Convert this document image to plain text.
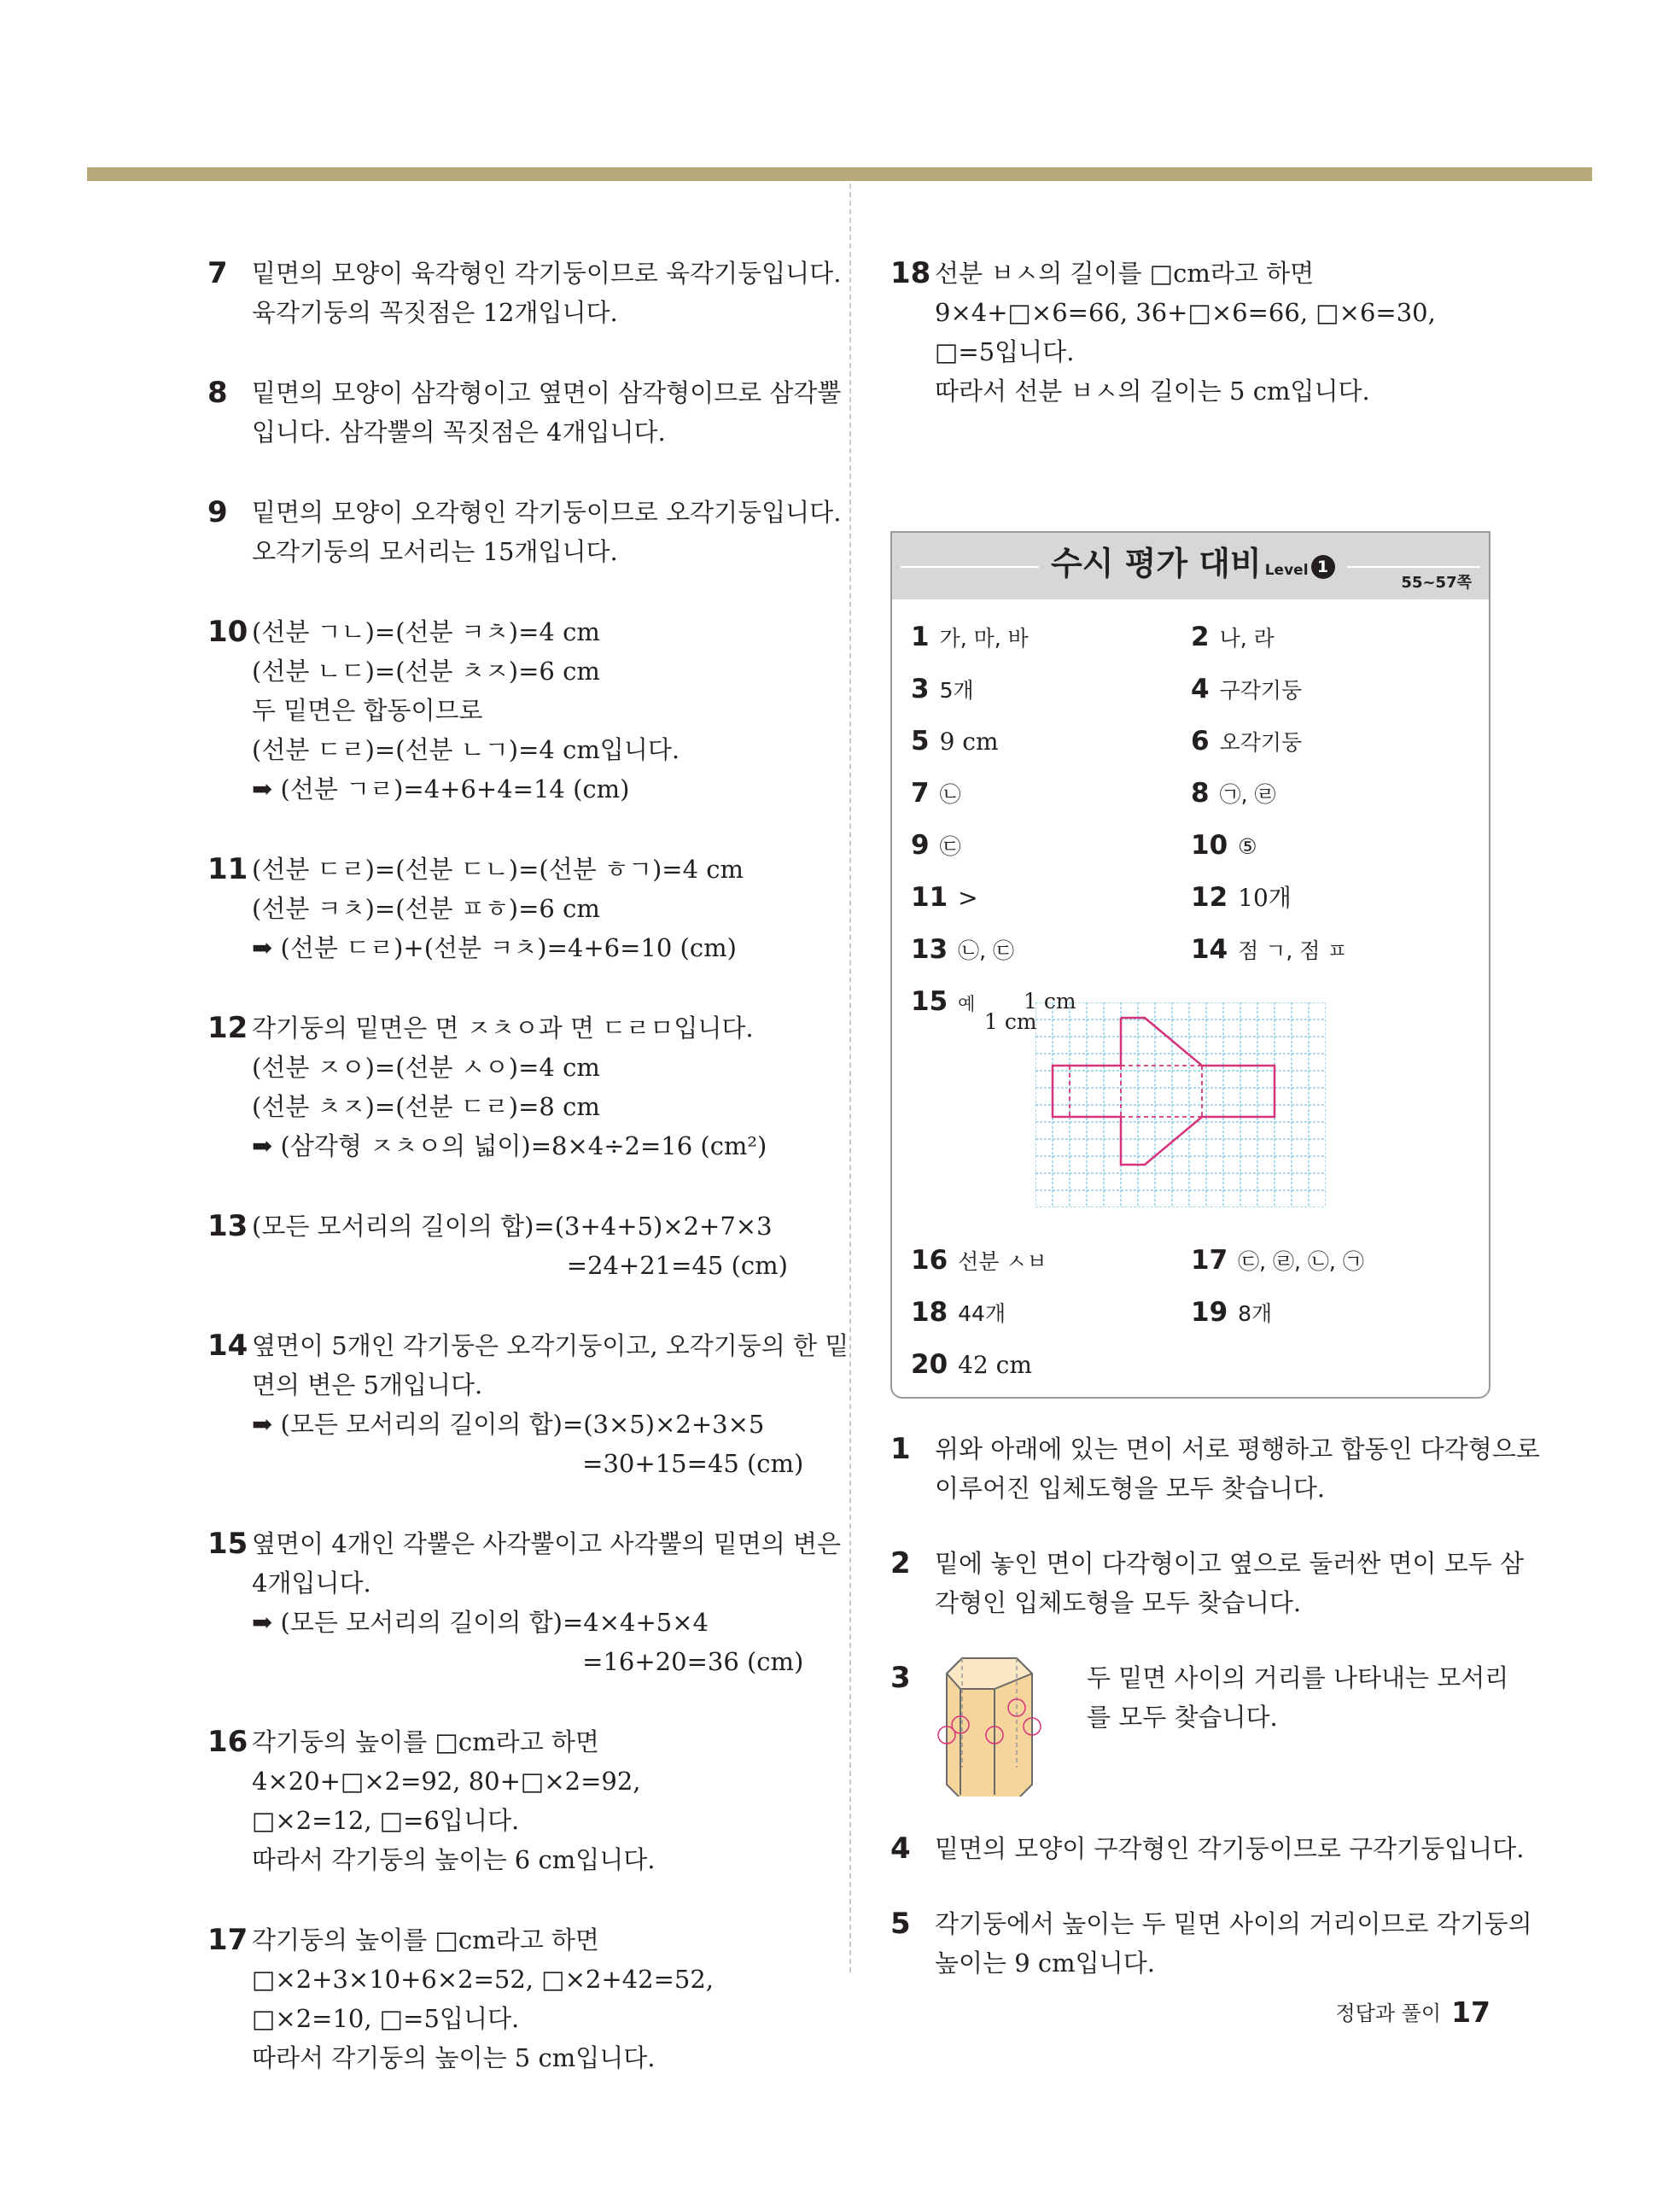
7 밑면의 모양이 육각형인 각기둥이므로 육각기둥입니다.
육각기둥의 꼭짓점은 12개입니다.
8 밑면의 모양이 삼각형이고 옆면이 삼각형이므로 삼각뿔
입니다. 삼각뿔의 꼭짓점은 4개입니다.
9 밑면의 모양이 오각형인 각기둥이므로 오각기둥입니다.
오각기둥의 모서리는 15개입니다.
10 (선분 ㄱㄴ)=(선분 ㅋㅊ)=4 cm
(선분 ㄴㄷ)=(선분 ㅊㅈ)=6 cm
두 밑면은 합동이므로
(선분 ㄷㄹ)=(선분 ㄴㄱ)=4 cm입니다.
➡ (선분 ㄱㄹ)=4+6+4=14 (cm)
11 (선분 ㄷㄹ)=(선분 ㄷㄴ)=(선분 ㅎㄱ)=4 cm
(선분 ㅋㅊ)=(선분 ㅍㅎ)=6 cm
➡ (선분 ㄷㄹ)+(선분 ㅋㅊ)=4+6=10 (cm)
12 각기둥의 밑면은 면 ㅈㅊㅇ과 면 ㄷㄹㅁ입니다.
(선분 ㅈㅇ)=(선분 ㅅㅇ)=4 cm
(선분 ㅊㅈ)=(선분 ㄷㄹ)=8 cm
➡ (삼각형 ㅈㅊㅇ의 넓이)=8×4÷2=16 (cm²)
13 (모든 모서리의 길이의 합)=(3+4+5)×2+7×3
=24+21=45 (cm)
14 옆면이 5개인 각기둥은 오각기둥이고, 오각기둥의 한 밑
면의 변은 5개입니다.
➡ (모든 모서리의 길이의 합)=(3×5)×2+3×5
=30+15=45 (cm)
15 옆면이 4개인 각뿔은 사각뿔이고 사각뿔의 밑면의 변은
4개입니다.
➡ (모든 모서리의 길이의 합)=4×4+5×4
=16+20=36 (cm)
16 각기둥의 높이를 □cm라고 하면
4×20+□×2=92, 80+□×2=92,
□×2=12, □=6입니다.
따라서 각기둥의 높이는 6 cm입니다.
17 각기둥의 높이를 □cm라고 하면
□×2+3×10+6×2=52, □×2+42=52,
□×2=10, □=5입니다.
따라서 각기둥의 높이는 5 cm입니다.
18 선분 ㅂㅅ의 길이를 □cm라고 하면
9×4+□×6=66, 36+□×6=66, □×6=30,
□=5입니다.
따라서 선분 ㅂㅅ의 길이는 5 cm입니다.
수시 평가 대비 Level 1
55~57쪽
1 가, 마, 바	2 나, 라
3 5개	4 구각기둥
5 9 cm	6 오각기둥
7 ㉡	8 ㉠, ㉣
9 ㉢	10 ⑤
11 >	12 10개
13 ㉡, ㉢	14 점 ㄱ, 점 ㅍ
15 예 1 cm
1 cm
16 선분 ㅅㅂ	17 ㉢, ㉣, ㉡, ㉠
18 44개	19 8개
20 42 cm
1 위와 아래에 있는 면이 서로 평행하고 합동인 다각형으로
이루어진 입체도형을 모두 찾습니다.
2 밑에 놓인 면이 다각형이고 옆으로 둘러싼 면이 모두 삼
각형인 입체도형을 모두 찾습니다.
3	두 밑면 사이의 거리를 나타내는 모서리
를 모두 찾습니다.
4 밑면의 모양이 구각형인 각기둥이므로 구각기둥입니다.
5 각기둥에서 높이는 두 밑면 사이의 거리이므로 각기둥의
높이는 9 cm입니다.
정답과 풀이 17
